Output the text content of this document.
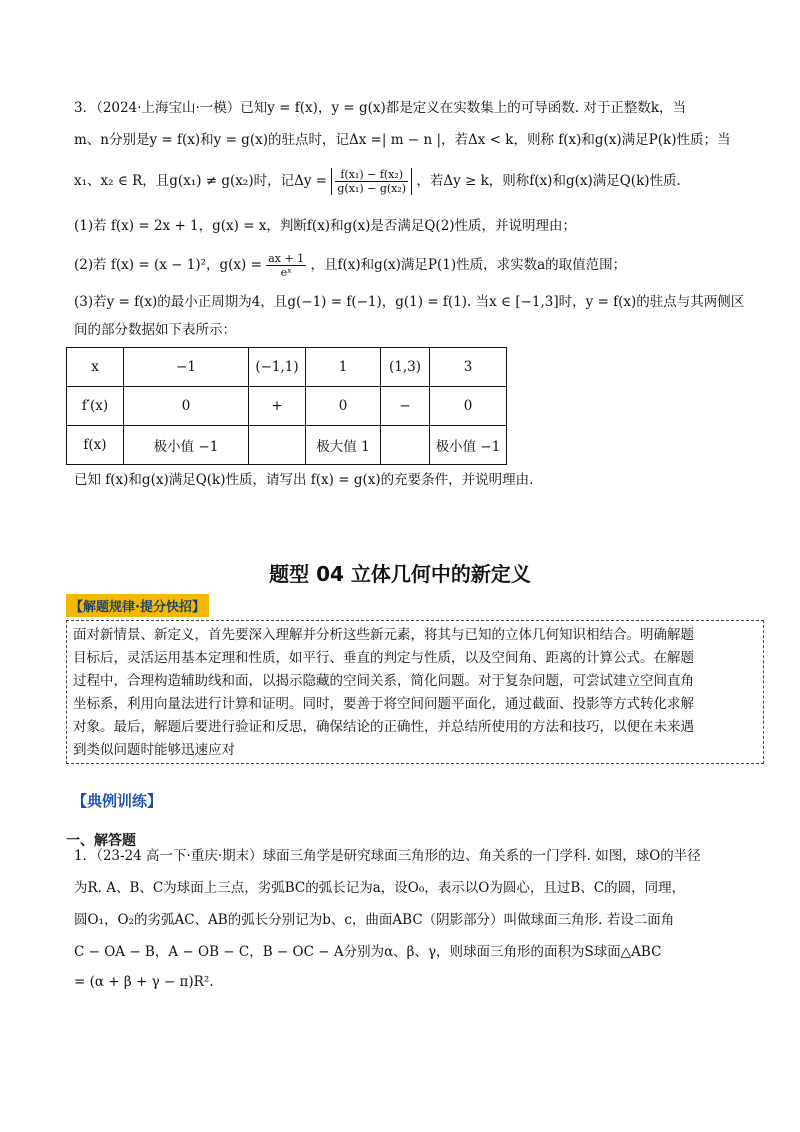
3．（2024·上海宝山·一模）已知y = f(x)，y = g(x)都是定义在实数集上的可导函数. 对于正整数k，当
m、n分别是y = f(x)和y = g(x)的驻点时，记Δx =| m − n |，若Δx < k，则称 f(x)和g(x)满足P(k)性质；当
x₁、x₂ ∈ R，且g(x₁) ≠ g(x₂)时，记$\Delta y = \frac{\text{f(x₁) − f(x₂)}}{\text{g(x₁) − g(x₂)}}$ ，若Δy ≥ k，则称f(x)和g(x)满足Q(k)性质.
(1)若 f(x) = 2x + 1，g(x) = x，判断f(x)和g(x)是否满足Q(2)性质，并说明理由；
(2)若 f(x) = (x − 1)²，$g(x) = \frac{ax + 1}{\text{eˣ}}$ ，且f(x)和g(x)满足P(1)性质，求实数a的取值范围；
(3)若y = f(x)的最小正周期为4，且g(−1) = f(−1)，g(1) = f(1). 当x ∈ [−1,3]时，y = f(x)的驻点与其两侧区
间的部分数据如下表所示：
x	−1	(−1,1)	1	(1,3)	3
f′(x)	0	+	0	−	0
f(x)	极小值 −1		极大值 1		极小值 −1
已知 f(x)和g(x)满足Q(k)性质，请写出 f(x) = g(x)的充要条件，并说明理由.
题型 04 立体几何中的新定义
【解题规律·提分快招】
面对新情景、新定义，首先要深入理解并分析这些新元素，将其与已知的立体几何知识相结合。明确解题
目标后，灵活运用基本定理和性质，如平行、垂直的判定与性质，以及空间角、距离的计算公式。在解题
过程中，合理构造辅助线和面，以揭示隐藏的空间关系，简化问题。对于复杂问题，可尝试建立空间直角
坐标系，利用向量法进行计算和证明。同时，要善于将空间问题平面化，通过截面、投影等方式转化求解
对象。最后，解题后要进行验证和反思，确保结论的正确性，并总结所使用的方法和技巧，以便在未来遇
到类似问题时能够迅速应对
【典例训练】
一、解答题
1．（23-24 高一下·重庆·期末）球面三角学是研究球面三角形的边、角关系的一门学科. 如图，球O的半径
为R. A、B、C为球面上三点，劣弧BC的弧长记为a，设O₀，表示以O为圆心，且过B、C的圆，同理，
圆O₁，O₂的劣弧AC、AB的弧长分别记为b、c，曲面ABC（阴影部分）叫做球面三角形. 若设二面角
C − OA − B，A − OB − C，B − OC − A分别为α、β、γ，则球面三角形的面积为S球面△ABC
= (α + β + γ − π)R².
